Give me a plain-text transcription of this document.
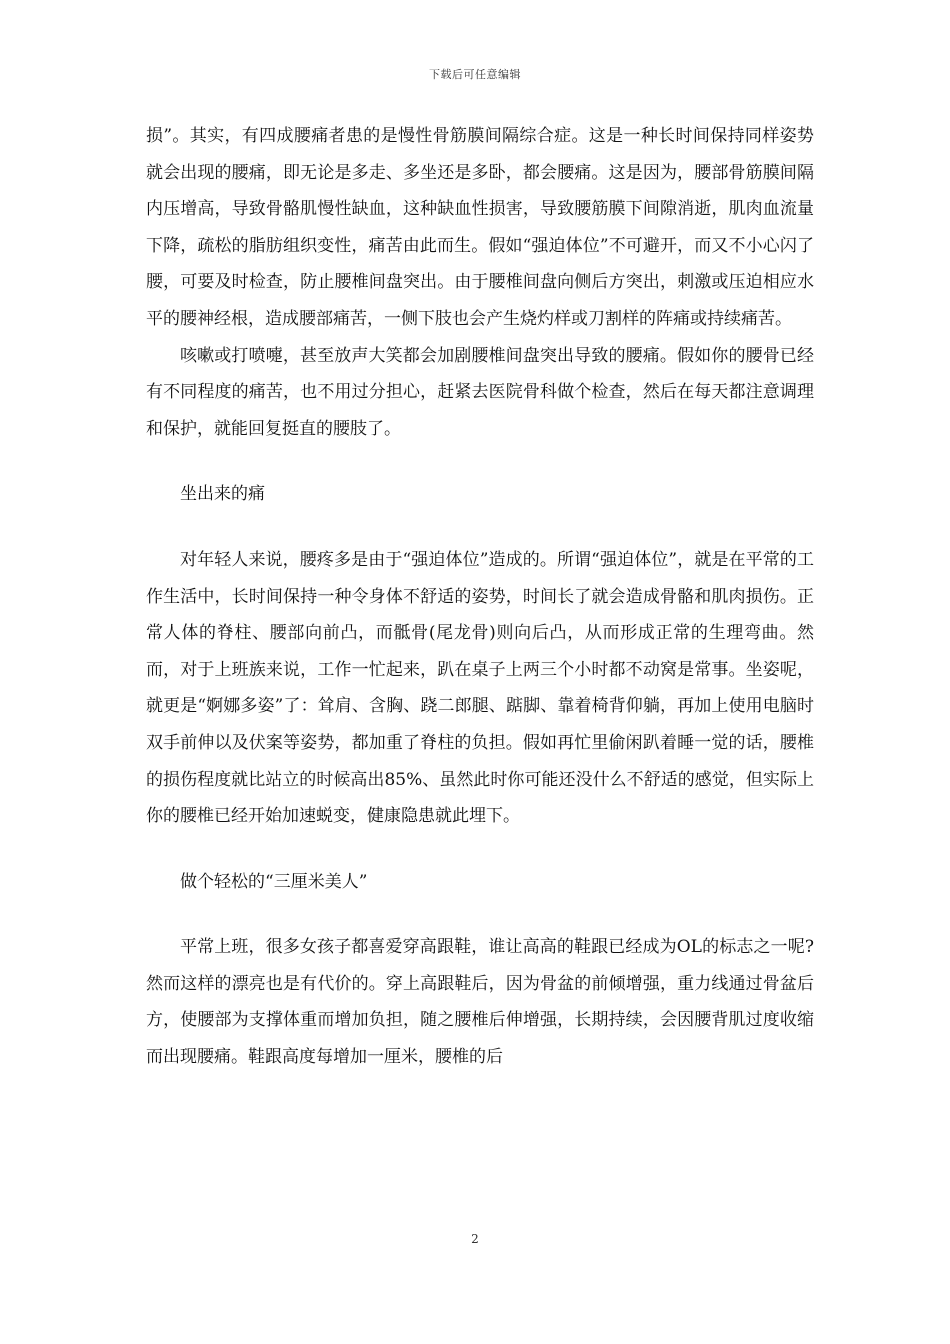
下载后可任意编辑

损”。其实，有四成腰痛者患的是慢性骨筋膜间隔综合症。这是一种长时间保持同样姿势就会出现的腰痛，即无论是多走、多坐还是多卧，都会腰痛。这是因为，腰部骨筋膜间隔内压增高，导致骨骼肌慢性缺血，这种缺血性损害，导致腰筋膜下间隙消逝，肌肉血流量下降，疏松的脂肪组织变性，痛苦由此而生。假如“强迫体位”不可避开，而又不小心闪了腰，可要及时检查，防止腰椎间盘突出。由于腰椎间盘向侧后方突出，刺激或压迫相应水平的腰神经根，造成腰部痛苦，一侧下肢也会产生烧灼样或刀割样的阵痛或持续痛苦。

咳嗽或打喷嚏，甚至放声大笑都会加剧腰椎间盘突出导致的腰痛。假如你的腰骨已经有不同程度的痛苦，也不用过分担心，赶紧去医院骨科做个检查，然后在每天都注意调理和保护，就能回复挺直的腰肢了。

坐出来的痛

对年轻人来说，腰疼多是由于“强迫体位”造成的。所谓“强迫体位”，就是在平常的工作生活中，长时间保持一种令身体不舒适的姿势，时间长了就会造成骨骼和肌肉损伤。正常人体的脊柱、腰部向前凸，而骶骨(尾龙骨)则向后凸，从而形成正常的生理弯曲。然而，对于上班族来说，工作一忙起来，趴在桌子上两三个小时都不动窝是常事。坐姿呢，就更是“婀娜多姿”了：耸肩、含胸、跷二郎腿、踮脚、靠着椅背仰躺，再加上使用电脑时双手前伸以及伏案等姿势，都加重了脊柱的负担。假如再忙里偷闲趴着睡一觉的话，腰椎的损伤程度就比站立的时候高出85%、虽然此时你可能还没什么不舒适的感觉，但实际上你的腰椎已经开始加速蜕变，健康隐患就此埋下。

做个轻松的“三厘米美人”

平常上班，很多女孩子都喜爱穿高跟鞋，谁让高高的鞋跟已经成为OL的标志之一呢?然而这样的漂亮也是有代价的。穿上高跟鞋后，因为骨盆的前倾增强，重力线通过骨盆后方，使腰部为支撑体重而增加负担，随之腰椎后伸增强，长期持续，会因腰背肌过度收缩而出现腰痛。鞋跟高度每增加一厘米，腰椎的后

2
